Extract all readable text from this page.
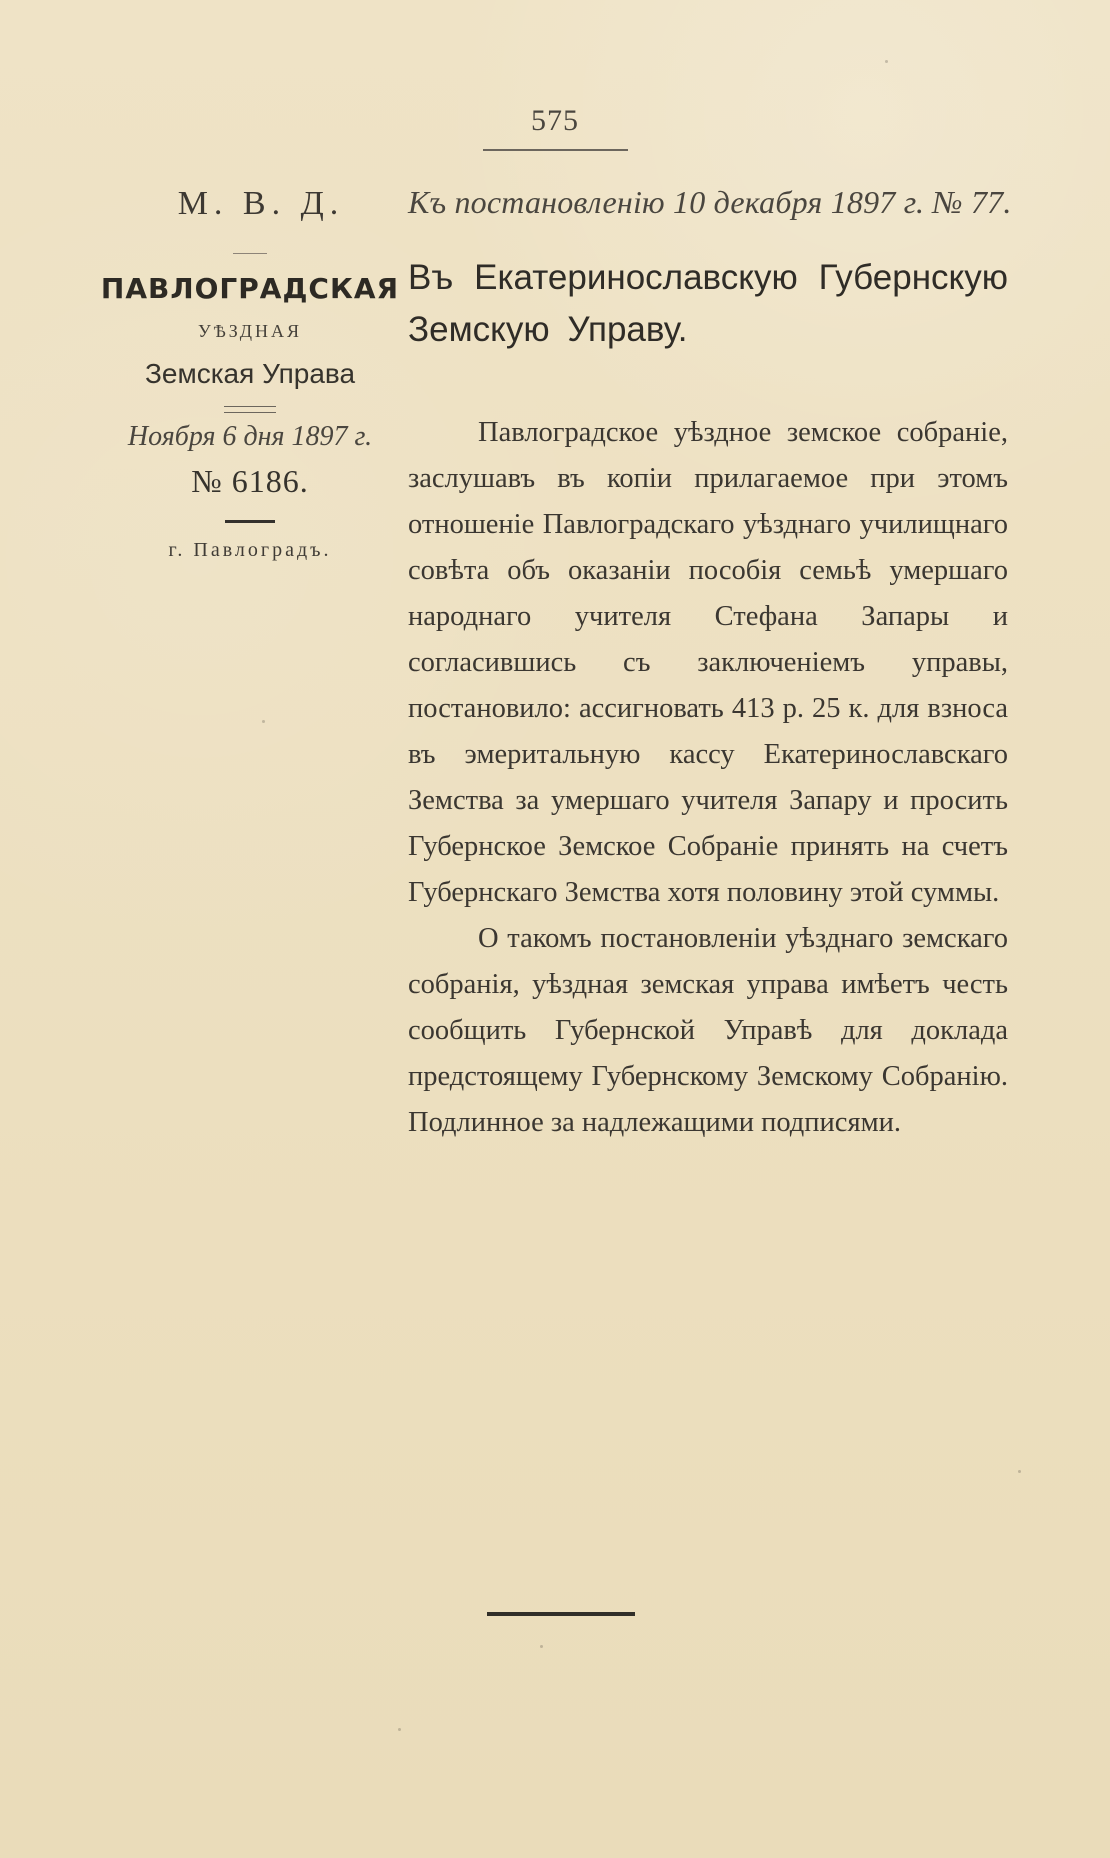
575
М. В. Д.
ПАВЛОГРАДСКАЯ
УѢЗДНАЯ
Земская Управа
Ноября 6 дня 1897 г.
№ 6186.
г. Павлоградъ.
Къ постановленію 10 декабря 1897 г. № 77.
Въ Екатеринославскую Губернскую Земскую Управу.

Павлоградское уѣздное земское собраніе, заслушавъ въ копіи прилагаемое при этомъ отношеніе Павлоградскаго уѣзднаго училищнаго совѣта объ оказаніи пособія семьѣ умершаго народнаго учителя Стефана Запары и согласившись съ заключеніемъ управы, постановило: ассигновать 413 р. 25 к. для взноса въ эмеритальную кассу Екатеринославскаго Земства за умершаго учителя Запару и просить Губернское Земское Собраніе принять на счетъ Губернскаго Земства хотя половину этой суммы.

О такомъ постановленіи уѣзднаго земскаго собранія, уѣздная земская управа имѣетъ честь сообщить Губернской Управѣ для доклада предстоящему Губернскому Земскому Собранію. Подлинное за надлежащими подписями.
